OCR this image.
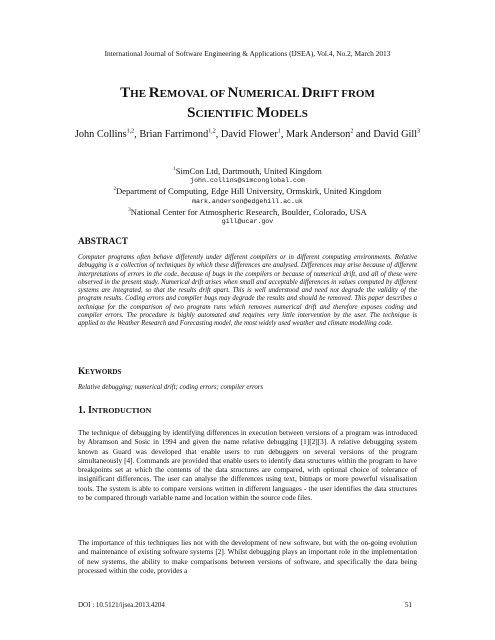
International Journal of Software Engineering & Applications (IJSEA), Vol.4, No.2, March 2013
THE REMOVAL OF NUMERICAL DRIFT FROM
SCIENTIFIC MODELS
John Collins$^{1,2}$, Brian Farrimond$^{1,2}$, David Flower$^1$, Mark Anderson$^2$ and David Gill$^3$
$^1$SimCon Ltd, Dartmouth, United Kingdom
john.collins@simconglobal.com
$^2$Department of Computing, Edge Hill University, Ormskirk, United Kingdom
mark.anderson@edgehill.ac.uk
$^3$National Center for Atmospheric Research, Boulder, Colorado, USA
gill@ucar.gov
ABSTRACT
Computer programs often behave differently under different compilers or in different computing environments. Relative debugging is a collection of techniques by which these differences are analysed. Differences may arise because of different interpretations of errors in the code, because of bugs in the compilers or because of numerical drift, and all of these were observed in the present study. Numerical drift arises when small and acceptable differences in values computed by different systems are integrated, so that the results drift apart. This is well understood and need not degrade the validity of the program results. Coding errors and compiler bugs may degrade the results and should be removed. This paper describes a technique for the comparison of two program runs which removes numerical drift and therefore exposes coding and compiler errors. The procedure is highly automated and requires very little intervention by the user. The technique is applied to the Weather Research and Forecasting model, the most widely used weather and climate modelling code.
KEYWORDS
Relative debugging; numerical drift; coding errors; compiler errors
1. INTRODUCTION
The technique of debugging by identifying differences in execution between versions of a program was introduced by Abramson and Sosic in 1994 and given the name relative debugging [1][2][3]. A relative debugging system known as Guard was developed that enable users to run debuggers on several versions of the program simultaneously [4]. Commands are provided that enable users to identify data structures within the program to have breakpoints set at which the contents of the data structures are compared, with optional choice of tolerance of insignificant differences. The user can analyse the differences using text, bitmaps or more powerful visualisation tools. The system is able to compare versions written in different languages - the user identifies the data structures to be compared through variable name and location within the source code files.
The importance of this techniques lies not with the development of new software, but with the on-going evolution and maintenance of existing software systems [2]. Whilst debugging plays an important role in the implementation of new systems, the ability to make comparisons between versions of software, and specifically the data being processed within the code, provides a
DOI : 10.5121/ijsea.2013.4204	51
